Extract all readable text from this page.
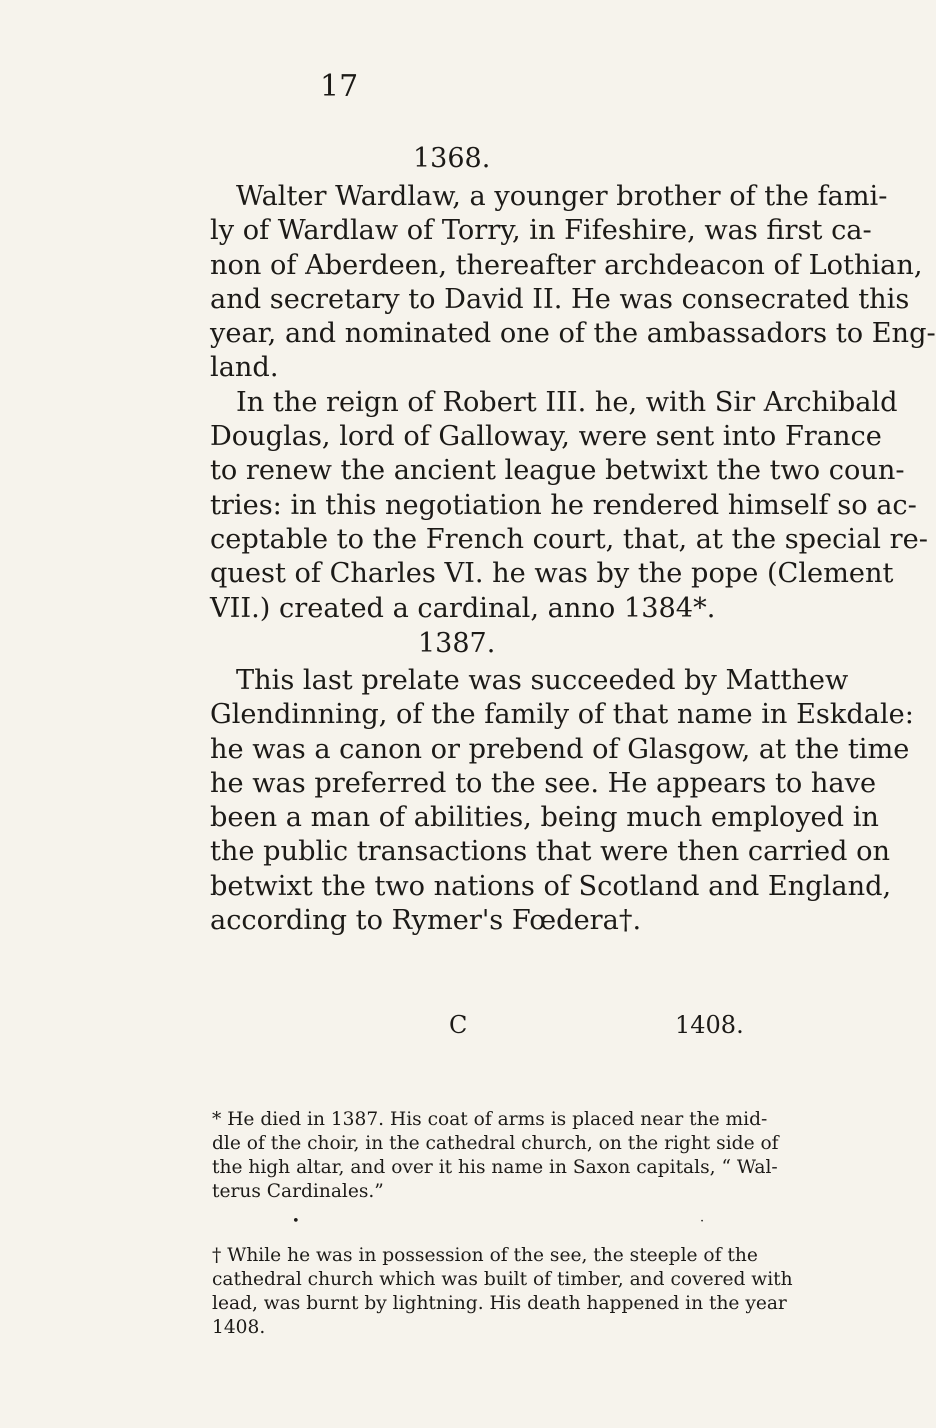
17
1368.
Walter Wardlaw, a younger brother of the fami-
ly of Wardlaw of Torry, in Fifeshire, was first ca-
non of Aberdeen, thereafter archdeacon of Lothian,
and secretary to David II. He was consecrated this
year, and nominated one of the ambassadors to Eng-
land.
In the reign of Robert III. he, with Sir Archibald
Douglas, lord of Galloway, were sent into France
to renew the ancient league betwixt the two coun-
tries: in this negotiation he rendered himself so ac-
ceptable to the French court, that, at the special re-
quest of Charles VI. he was by the pope (Clement
VII.) created a cardinal, anno 1384*.
1387.
This last prelate was succeeded by Matthew
Glendinning, of the family of that name in Eskdale:
he was a canon or prebend of Glasgow, at the time
he was preferred to the see. He appears to have
been a man of abilities, being much employed in
the public transactions that were then carried on
betwixt the two nations of Scotland and England,
according to Rymer's Fœdera†.
C	1408.
* He died in 1387. His coat of arms is placed near the mid-
dle of the choir, in the cathedral church, on the right side of
the high altar, and over it his name in Saxon capitals, “ Wal-
terus Cardinales.”
•	·
† While he was in possession of the see, the steeple of the
cathedral church which was built of timber, and covered with
lead, was burnt by lightning. His death happened in the year
1408.
